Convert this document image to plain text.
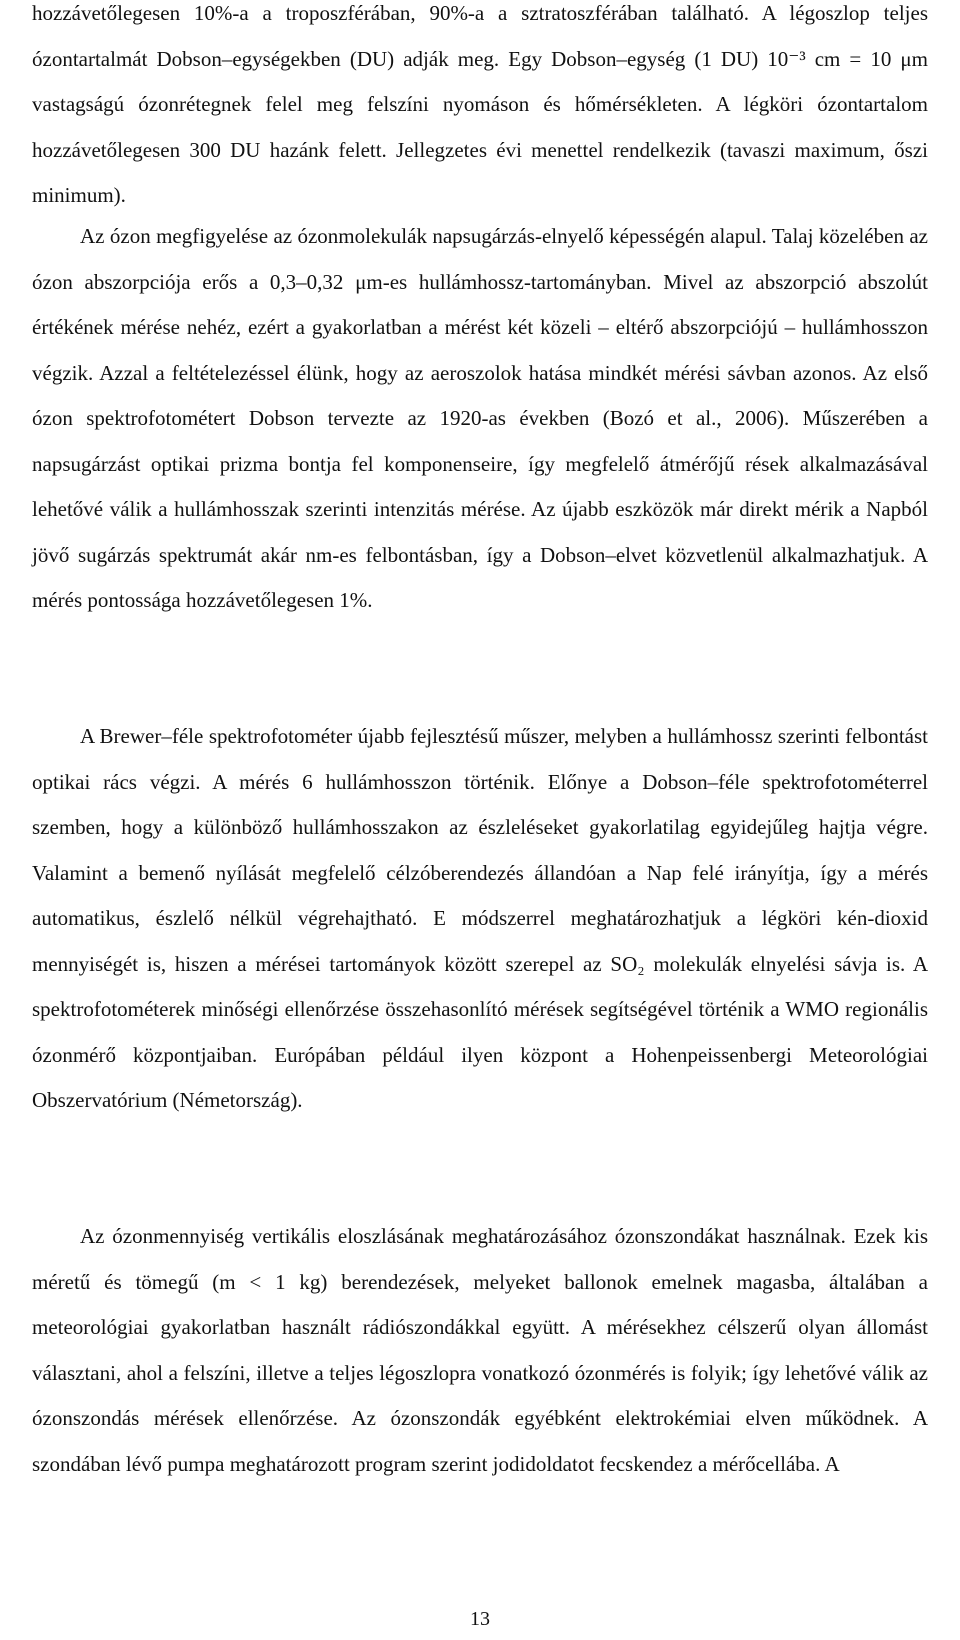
hozzávetőlegesen 10%-a a troposzférában, 90%-a a sztratoszférában található. A légoszlop teljes ózontartalmát Dobson–egységekben (DU) adják meg. Egy Dobson–egység (1 DU) 10⁻³ cm = 10 μm vastagságú ózonrétegnek felel meg felszíni nyomáson és hőmérsékleten. A légköri ózontartalom hozzávetőlegesen 300 DU hazánk felett. Jellegzetes évi menettel rendelkezik (tavaszi maximum, őszi minimum).

Az ózon megfigyelése az ózonmolekulák napsugárzás-elnyelő képességén alapul. Talaj közelében az ózon abszorpciója erős a 0,3–0,32 μm-es hullámhossz-tartományban. Mivel az abszorpció abszolút értékének mérése nehéz, ezért a gyakorlatban a mérést két közeli – eltérő abszorpciójú – hullámhosszon végzik. Azzal a feltételezéssel élünk, hogy az aeroszolok hatása mindkét mérési sávban azonos. Az első ózon spektrofotométert Dobson tervezte az 1920-as években (Bozó et al., 2006). Műszerében a napsugárzást optikai prizma bontja fel komponenseire, így megfelelő átmérőjű rések alkalmazásával lehetővé válik a hullámhosszak szerinti intenzitás mérése. Az újabb eszközök már direkt mérik a Napból jövő sugárzás spektrumát akár nm-es felbontásban, így a Dobson–elvet közvetlenül alkalmazhatjuk. A mérés pontossága hozzávetőlegesen 1%.

A Brewer–féle spektrofotométer újabb fejlesztésű műszer, melyben a hullámhossz szerinti felbontást optikai rács végzi. A mérés 6 hullámhosszon történik. Előnye a Dobson–féle spektrofotométerrel szemben, hogy a különböző hullámhosszakon az észleléseket gyakorlatilag egyidejűleg hajtja végre. Valamint a bemenő nyílását megfelelő célzóberendezés állandóan a Nap felé irányítja, így a mérés automatikus, észlelő nélkül végrehajtható. E módszerrel meghatározhatjuk a légköri kén-dioxid mennyiségét is, hiszen a mérései tartományok között szerepel az SO₂ molekulák elnyelési sávja is. A spektrofotométerek minőségi ellenőrzése összehasonlító mérések segítségével történik a WMO regionális ózonmérő központjaiban. Európában például ilyen központ a Hohenpeissenbergi Meteorológiai Obszervatórium (Németország).

Az ózonmennyiség vertikális eloszlásának meghatározásához ózonszondákat használnak. Ezek kis méretű és tömegű (m < 1 kg) berendezések, melyeket ballonok emelnek magasba, általában a meteorológiai gyakorlatban használt rádiószondákkal együtt. A mérésekhez célszerű olyan állomást választani, ahol a felszíni, illetve a teljes légoszlopra vonatkozó ózonmérés is folyik; így lehetővé válik az ózonszondás mérések ellenőrzése. Az ózonszondák egyébként elektrokémiai elven működnek. A szondában lévő pumpa meghatározott program szerint jodidoldatot fecskendez a mérőcellába. A

13
